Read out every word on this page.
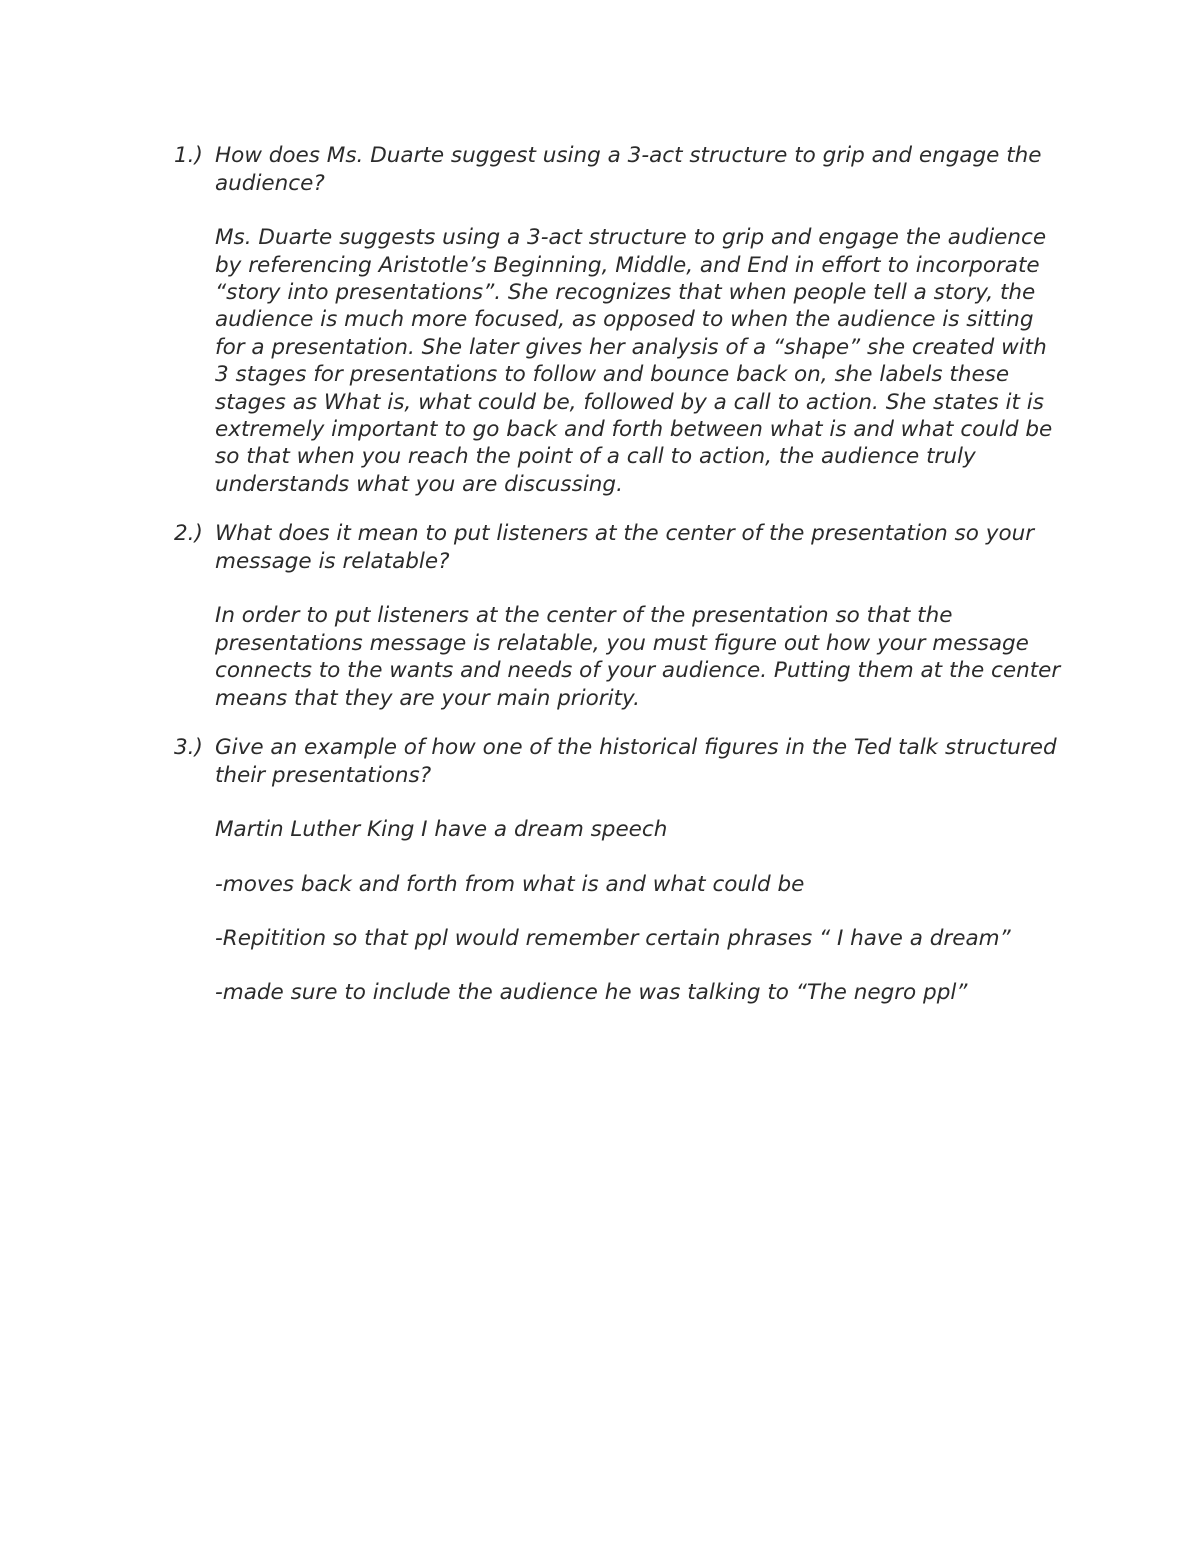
1.) How does Ms. Duarte suggest using a 3-act structure to grip and engage the audience?

Ms. Duarte suggests using a 3-act structure to grip and engage the audience by referencing Aristotle’s Beginning, Middle, and End in effort to incorporate “story into presentations”. She recognizes that when people tell a story, the audience is much more focused, as opposed to when the audience is sitting for a presentation. She later gives her analysis of a “shape” she created with 3 stages for presentations to follow and bounce back on, she labels these stages as What is, what could be, followed by a call to action. She states it is extremely important to go back and forth between what is and what could be so that when you reach the point of a call to action, the audience truly understands what you are discussing.

2.) What does it mean to put listeners at the center of the presentation so your message is relatable?

In order to put listeners at the center of the presentation so that the presentations message is relatable, you must figure out how your message connects to the wants and needs of your audience. Putting them at the center means that they are your main priority.

3.) Give an example of how one of the historical figures in the Ted talk structured their presentations?

Martin Luther King I have a dream speech

-moves back and forth from what is and what could be

-Repitition so that ppl would remember certain phrases “ I have a dream”

-made sure to include the audience he was talking to “The negro ppl”
